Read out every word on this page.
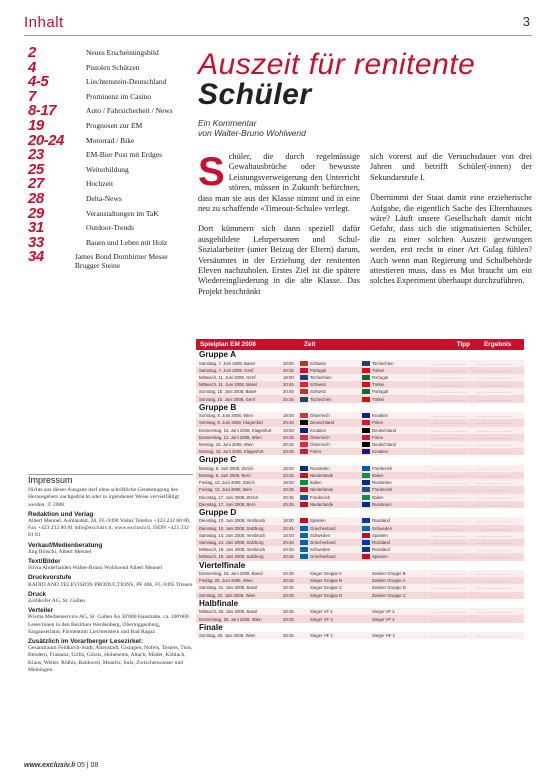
Inhalt	3
2	Neues Erscheinungsbild
4	Pistolen Schützen
4-5	Liechtenstein-Deutschland
7	Prominenz im Casino
8-17	Auto / Fahrsicherheit / News
19	Prognosen zur EM
20-24	Motorrad / Bike
23	EM-Bier Post mit Erdges
25	Weiterbildung
27	Hochzeit
28	Delta-News
29	Veranstaltungen im TaK
31	Outdoor-Trends
33	Bauen und Leben mit Holz
34	James Bond Dornbirner Messe Brugger Steine
Impressum
Nichts aus dieser Ausgabe darf ohne schriftliche Genehmigung des Herausgebers nachgedruckt oder in irgendeiner Weise vervielfältigt werden. © 2008
Redaktion und Verlag
Albert Mennel, Auhlandstr. 28, FL-9490 Vaduz Telefon +423 232 80 80, Fax +423 232 80 81 info@exclusiv.li, www.exclusiv.li, ISDN +423 232 81 81
Verkauf/Medienberatung
Jürg Bötschi, Albert Mennel
Text/Bilder
Silvia Abderhalden Walter-Bruno Wohlwend Albert Mennel
Druckvorstufe
RADIO AND TELEVISION PRODUCTIONS, PF 406, FL-9495 Triesen
Druck
Zollikofer AG, St. Gallen
Verteiler
Prisma Medienservice AG, St. Gallen An 30'000 Haushalte, ca. 100'000 Leser/innen in den Bezirken Werdenberg, Obertoggenburg, Sarganserland, Fürstentum Liechtenstein und Bad Ragaz
Zusätzlich im Vorarlberger Lesezirkel:
Gesamtraum Feldkirch-Stadt, Altenstadt, Gisingen, Nofels, Tosters, Tisis, Bendern, Frastanz, Göfis, Götzis, Hohenems, Altach, Mäder, Koblach, Klaus, Weiler, Röthis, Rankweil, Muntlix, Sulz, Zwischenwasser und Meiningen.
Auszeit für renitente
Schüler
Ein Kommentar
von Walter-Bruno Wohlwend

Schüler, die durch regelmässige Gewaltausbrüche oder bewusste Leistungsverweigerung den Unterricht stören, müssen in Zukunft befürchten, dass man sie aus der Klasse nimmt und in eine neu zu schaffende «Timeout-Schule» verlegt.

Dort kümmern sich dann speziell dafür ausgebildete Lehrpersonen und Schul-Sozialarbeiter (unter Beizug der Eltern) darum, Versäumtes in der Erziehung der renitenten Eleven nachzuholen. Erstes Ziel ist die spätere Wiedereingliederung in die alte Klasse. Das Projekt beschränkt

sich vorerst auf die Versuchsdauer von drei Jahren und betrifft Schüler(-innen) der Sekundarstufe I.

Übernimmt der Staat damit eine erzieherische Aufgabe, die eigentlich Sache des Elternhauses wäre? Läuft unsere Gesellschaft damit nicht Gefahr, dass sich die stigmatisierten Schüler, die zu einer solchen Auszeit gezwungen werden, erst recht in einer Art Gulag fühlen? Auch wenn man Regierung und Schulbehörde attestieren muss, dass es Mut braucht um ein solches Experiment überhaupt durchzuführen.

Spielplan EM 2008	Zeit	Tipp	Ergebnis
Gruppe A
Samstag, 7. Juni 2008, Basel	18:00	Schweiz	Tschechien	........................	........................
Samstag, 7. Juni 2008, Genf	20:45	Portugal	Türkei	........................	........................
Mittwoch, 11. Juni 2008, Genf	18:00	Tschechien	Portugal	........................	........................
Mittwoch, 11. Juni 2008, Basel	20:45	Schweiz	Türkei	........................	........................
Sonntag, 15. Juni 2008, Basel	20:45	Schweiz	Portugal	........................	........................
Sonntag, 15. Juni 2008, Genf	20:45	Tschechien	Türkei	........................	........................
Gruppe B
Sonntag, 8. Juni 2008, Wien	18:00	Österreich	Kroatien	........................	........................
Sonntag, 8. Juni 2008, Klagenfurt	20:45	Deutschland	Polen	........................	........................
Donnerstag, 12. Juni 2008, Klagenfurt	18:00	Kroatien	Deutschland	........................	........................
Donnerstag, 12. Juni 2008, Wien	20:45	Österreich	Polen	........................	........................
Montag, 16. Juni 2008, Wien	20:45	Österreich	Deutschland	........................	........................
Montag, 16. Juni 2008, Klagenfurt	20:45	Polen	Kroatien	........................	........................
Gruppe C
Montag, 9. Juni 2008, Zürich	18:00	Rumänien	Frankreich	........................	........................
Montag, 9. Juni 2008, Bern	20:45	Niederlande	Italien	........................	........................
Freitag, 13. Juni 2008, Zürich	18:00	Italien	Rumänien	........................	........................
Freitag, 13. Juni 2008, Bern	20:45	Niederlande	Frankreich	........................	........................
Dienstag, 17. Juni 2008, Zürich	20:45	Frankreich	Italien	........................	........................
Dienstag, 17. Juni 2008, Bern	20:45	Niederlande	Rumänien	........................	........................
Gruppe D
Dienstag, 10. Juni 2008, Innsbruck	18:00	Spanien	Russland	........................	........................
Dienstag, 10. Juni 2008, Salzburg	20:45	Griechenland	Schweden	........................	........................
Samstag, 14. Juni 2008, Innsbruck	18:00	Schweden	Spanien	........................	........................
Samstag, 14. Juni 2008, Salzburg	20:45	Griechenland	Russland	........................	........................
Mittwoch, 18. Juni 2008, Innsbruck	20:45	Schweden	Russland	........................	........................
Mittwoch, 18. Juni 2008, Salzburg	20:45	Griechenland	Spanien	........................	........................
Viertelfinale
Donnerstag, 19. Juni 2008, Basel	20:45	Sieger Gruppe A	Zweiter Gruppe B	........................	........................
Freitag, 20. Juni 2008, Wien	20:45	Sieger Gruppe B	Zweiter Gruppe A	........................	........................
Samstag, 21. Juni 2008, Basel	20:45	Sieger Gruppe C	Zweiter Gruppe D	........................	........................
Sonntag, 22. Juni 2008, Wien	20:45	Sieger Gruppe D	Zweiter Gruppe C	........................	........................
Halbfinale
Mittwoch, 25. Juni 2008, Basel	20:45	Sieger VF 1	Sieger VF 2	........................	........................
Donnerstag, 26. Juni 2008, Wien	20:45	Sieger VF 3	Sieger VF 4	........................	........................
Finale
Sonntag, 29. Juni 2008, Wien	20:45	Sieger HF 1	Sieger HF 2	........................	........................
www.exclusiv.li 05 | 08
